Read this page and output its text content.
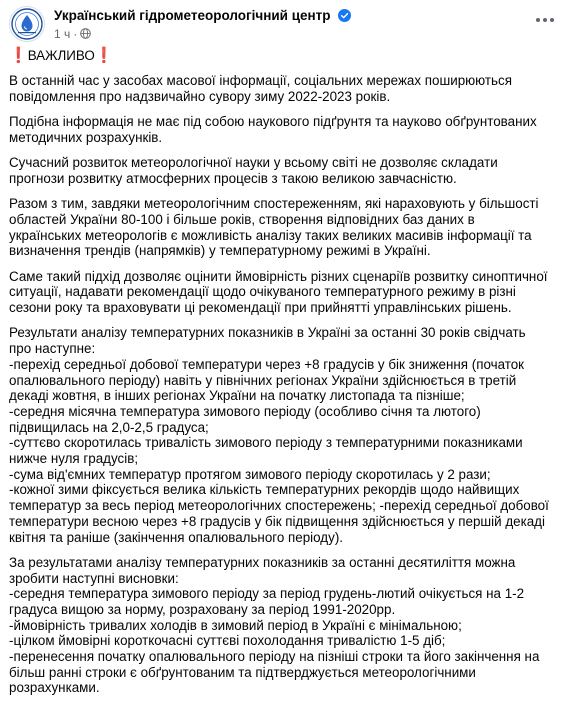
Український гідрометеорологічний центр
1 ч ·

❗ ВАЖЛИВО ❗

В останній час у засобах масової інформації, соціальних мережах поширюються повідомлення про надзвичайно сувору зиму 2022-2023 років.

Подібна інформація не має під собою наукового підґрунтя та науково обґрунтованих методичних розрахунків.

Сучасний розвиток метеорологічної науки у всьому світі не дозволяє складати прогнози розвитку атмосферних процесів з такою великою завчасністю.

Разом з тим, завдяки метеорологічним спостереженням, які нараховують у більшості областей України 80-100 і більше років, створення відповідних баз даних в українських метеорологів є можливість аналізу таких великих масивів інформації та визначення трендів (напрямків) у температурному режимі в Україні.

Саме такий підхід дозволяє оцінити ймовірність різних сценаріїв розвитку синоптичної ситуації, надавати рекомендації щодо очікуваного температурного режиму в різні сезони року та враховувати ці рекомендації при прийнятті управлінських рішень.

Результати аналізу температурних показників в Україні за останні 30 років свідчать про наступне:
-перехід середньої добової температури через +8 градусів у бік зниження (початок опалювального періоду) навіть у північних регіонах України здійснюється в третій декаді жовтня, в інших регіонах України на початку листопада та пізніше;
-середня місячна температура зимового періоду (особливо січня та лютого) підвищилась на 2,0-2,5 градуса;
-суттєво скоротилась тривалість зимового періоду з температурними показниками нижче нуля градусів;
-сума від'ємних температур протягом зимового періоду скоротилась у 2 рази;
-кожної зими фіксується велика кількість температурних рекордів щодо найвищих температур за весь період метеорологічних спостережень; -перехід середньої добової температури весною через +8 градусів у бік підвищення здійснюється у першій декаді квітня та раніше (закінчення опалювального періоду).

За результатами аналізу температурних показників за останні десятиліття можна зробити наступні висновки:
-середня температура зимового періоду за період грудень-лютий очікується на 1-2 градуса вищою за норму, розраховану за період 1991-2020рр.
-ймовірність тривалих холодів в зимовий період в Україні є мінімальною;
-цілком ймовірні короткочасні суттєві похолодання тривалістю 1-5 діб;
-перенесення початку опалювального періоду на пізніші строки та його закінчення на більш ранні строки є обґрунтованим та підтверджується метеорологічними розрахунками.
